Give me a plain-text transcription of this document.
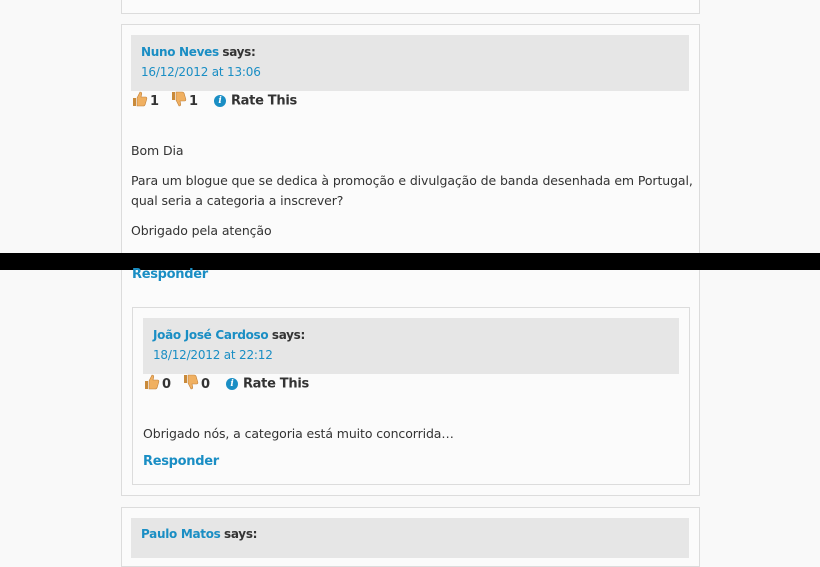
Nuno Neves says:
16/12/2012 at 13:06
1 1 i Rate This

Bom Dia

Para um blogue que se dedica à promoção e divulgação de banda desenhada em Portugal,

qual seria a categoria a inscrever?

Obrigado pela atenção

Responder
João José Cardoso says:
18/12/2012 at 22:12
0 0 i Rate This

Obrigado nós, a categoria está muito concorrida…

Responder
Paulo Matos says:
